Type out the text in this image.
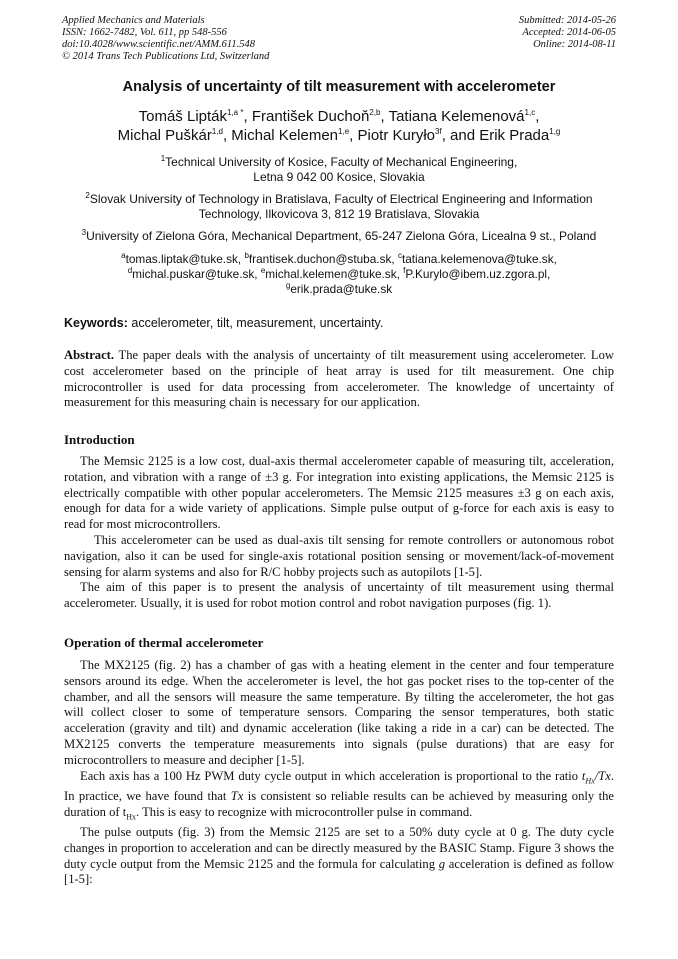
Applied Mechanics and Materials
ISSN: 1662-7482, Vol. 611, pp 548-556
doi:10.4028/www.scientific.net/AMM.611.548
© 2014 Trans Tech Publications Ltd, Switzerland
Submitted: 2014-05-26
Accepted: 2014-06-05
Online: 2014-08-11
Analysis of uncertainty of tilt measurement with accelerometer
Tomáš Lipták$^{1,a *}$, František Duchoň$^{2,b}$, Tatiana Kelemenová$^{1,c}$,
Michal Puškár$^{1,d}$, Michal Kelemen$^{1,e}$, Piotr Kuryło$^{3f}$, and Erik Prada$^{1,g}$
$^1$Technical University of Kosice, Faculty of Mechanical Engineering,
Letna 9 042 00 Kosice, Slovakia
$^2$Slovak University of Technology in Bratislava, Faculty of Electrical Engineering and Information
Technology, Ilkovicova 3, 812 19 Bratislava, Slovakia
$^3$University of Zielona Góra, Mechanical Department, 65-247 Zielona Góra, Licealna 9 st., Poland
$^a$tomas.liptak@tuke.sk, $^b$frantisek.duchon@stuba.sk, $^c$tatiana.kelemenova@tuke.sk,
$^d$michal.puskar@tuke.sk, $^e$michal.kelemen@tuke.sk, $^f$P.Kurylo@ibem.uz.zgora.pl,
$^g$erik.prada@tuke.sk
Keywords: accelerometer, tilt, measurement, uncertainty.

Abstract. The paper deals with the analysis of uncertainty of tilt measurement using accelerometer. Low cost accelerometer based on the principle of heat array is used for tilt measurement. One chip microcontroller is used for data processing from accelerometer. The knowledge of uncertainty of measurement for this measuring chain is necessary for our application.

Introduction

The Memsic 2125 is a low cost, dual-axis thermal accelerometer capable of measuring tilt, acceleration, rotation, and vibration with a range of ±3 g. For integration into existing applications, the Memsic 2125 is electrically compatible with other popular accelerometers. The Memsic 2125 measures ±3 g on each axis, enough for data for a wide variety of applications. Simple pulse output of g-force for each axis is easy to read for most microcontrollers.

This accelerometer can be used as dual-axis tilt sensing for remote controllers or autonomous robot navigation, also it can be used for single-axis rotational position sensing or movement/lack-of-movement sensing for alarm systems and also for R/C hobby projects such as autopilots [1-5].

The aim of this paper is to present the analysis of uncertainty of tilt measurement using thermal accelerometer. Usually, it is used for robot motion control and robot navigation purposes (fig. 1).

Operation of thermal accelerometer

The MX2125 (fig. 2) has a chamber of gas with a heating element in the center and four temperature sensors around its edge. When the accelerometer is level, the hot gas pocket rises to the top-center of the chamber, and all the sensors will measure the same temperature. By tilting the accelerometer, the hot gas will collect closer to some of temperature sensors. Comparing the sensor temperatures, both static acceleration (gravity and tilt) and dynamic acceleration (like taking a ride in a car) can be detected. The MX2125 converts the temperature measurements into signals (pulse durations) that are easy for microcontrollers to measure and decipher [1-5].

Each axis has a 100 Hz PWM duty cycle output in which acceleration is proportional to the ratio $t_{Hx}/Tx$. In practice, we have found that Tx is consistent so reliable results can be achieved by measuring only the duration of $t_{Hx}$. This is easy to recognize with microcontroller pulse in command.

The pulse outputs (fig. 3) from the Memsic 2125 are set to a 50% duty cycle at 0 g. The duty cycle changes in proportion to acceleration and can be directly measured by the BASIC Stamp. Figure 3 shows the duty cycle output from the Memsic 2125 and the formula for calculating g acceleration is defined as follow [1-5]:
